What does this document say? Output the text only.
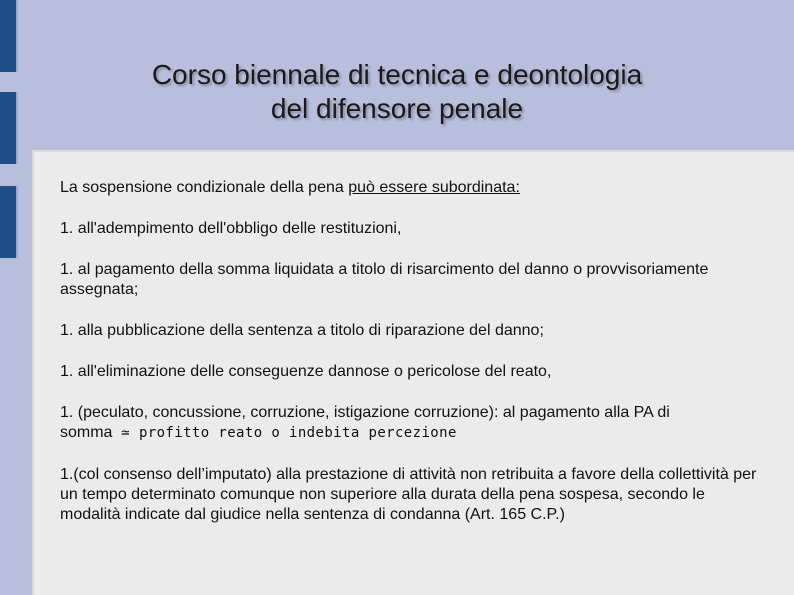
Corso biennale di tecnica e deontologia
del difensore penale

La sospensione condizionale della pena può essere subordinata:

1. all'adempimento dell'obbligo delle restituzioni,

1. al pagamento della somma liquidata a titolo di risarcimento del danno o provvisoriamente assegnata;

1. alla pubblicazione della sentenza a titolo di riparazione del danno;

1. all'eliminazione delle conseguenze dannose o pericolose del reato,

1. (peculato, concussione, corruzione, istigazione corruzione): al pagamento alla PA di
somma ≃ profitto reato o indebita percezione

1.(col consenso dell’imputato) alla prestazione di attività non retribuita a favore della collettività per un tempo determinato comunque non superiore alla durata della pena sospesa, secondo le modalità indicate dal giudice nella sentenza di condanna (Art. 165 C.P.)
